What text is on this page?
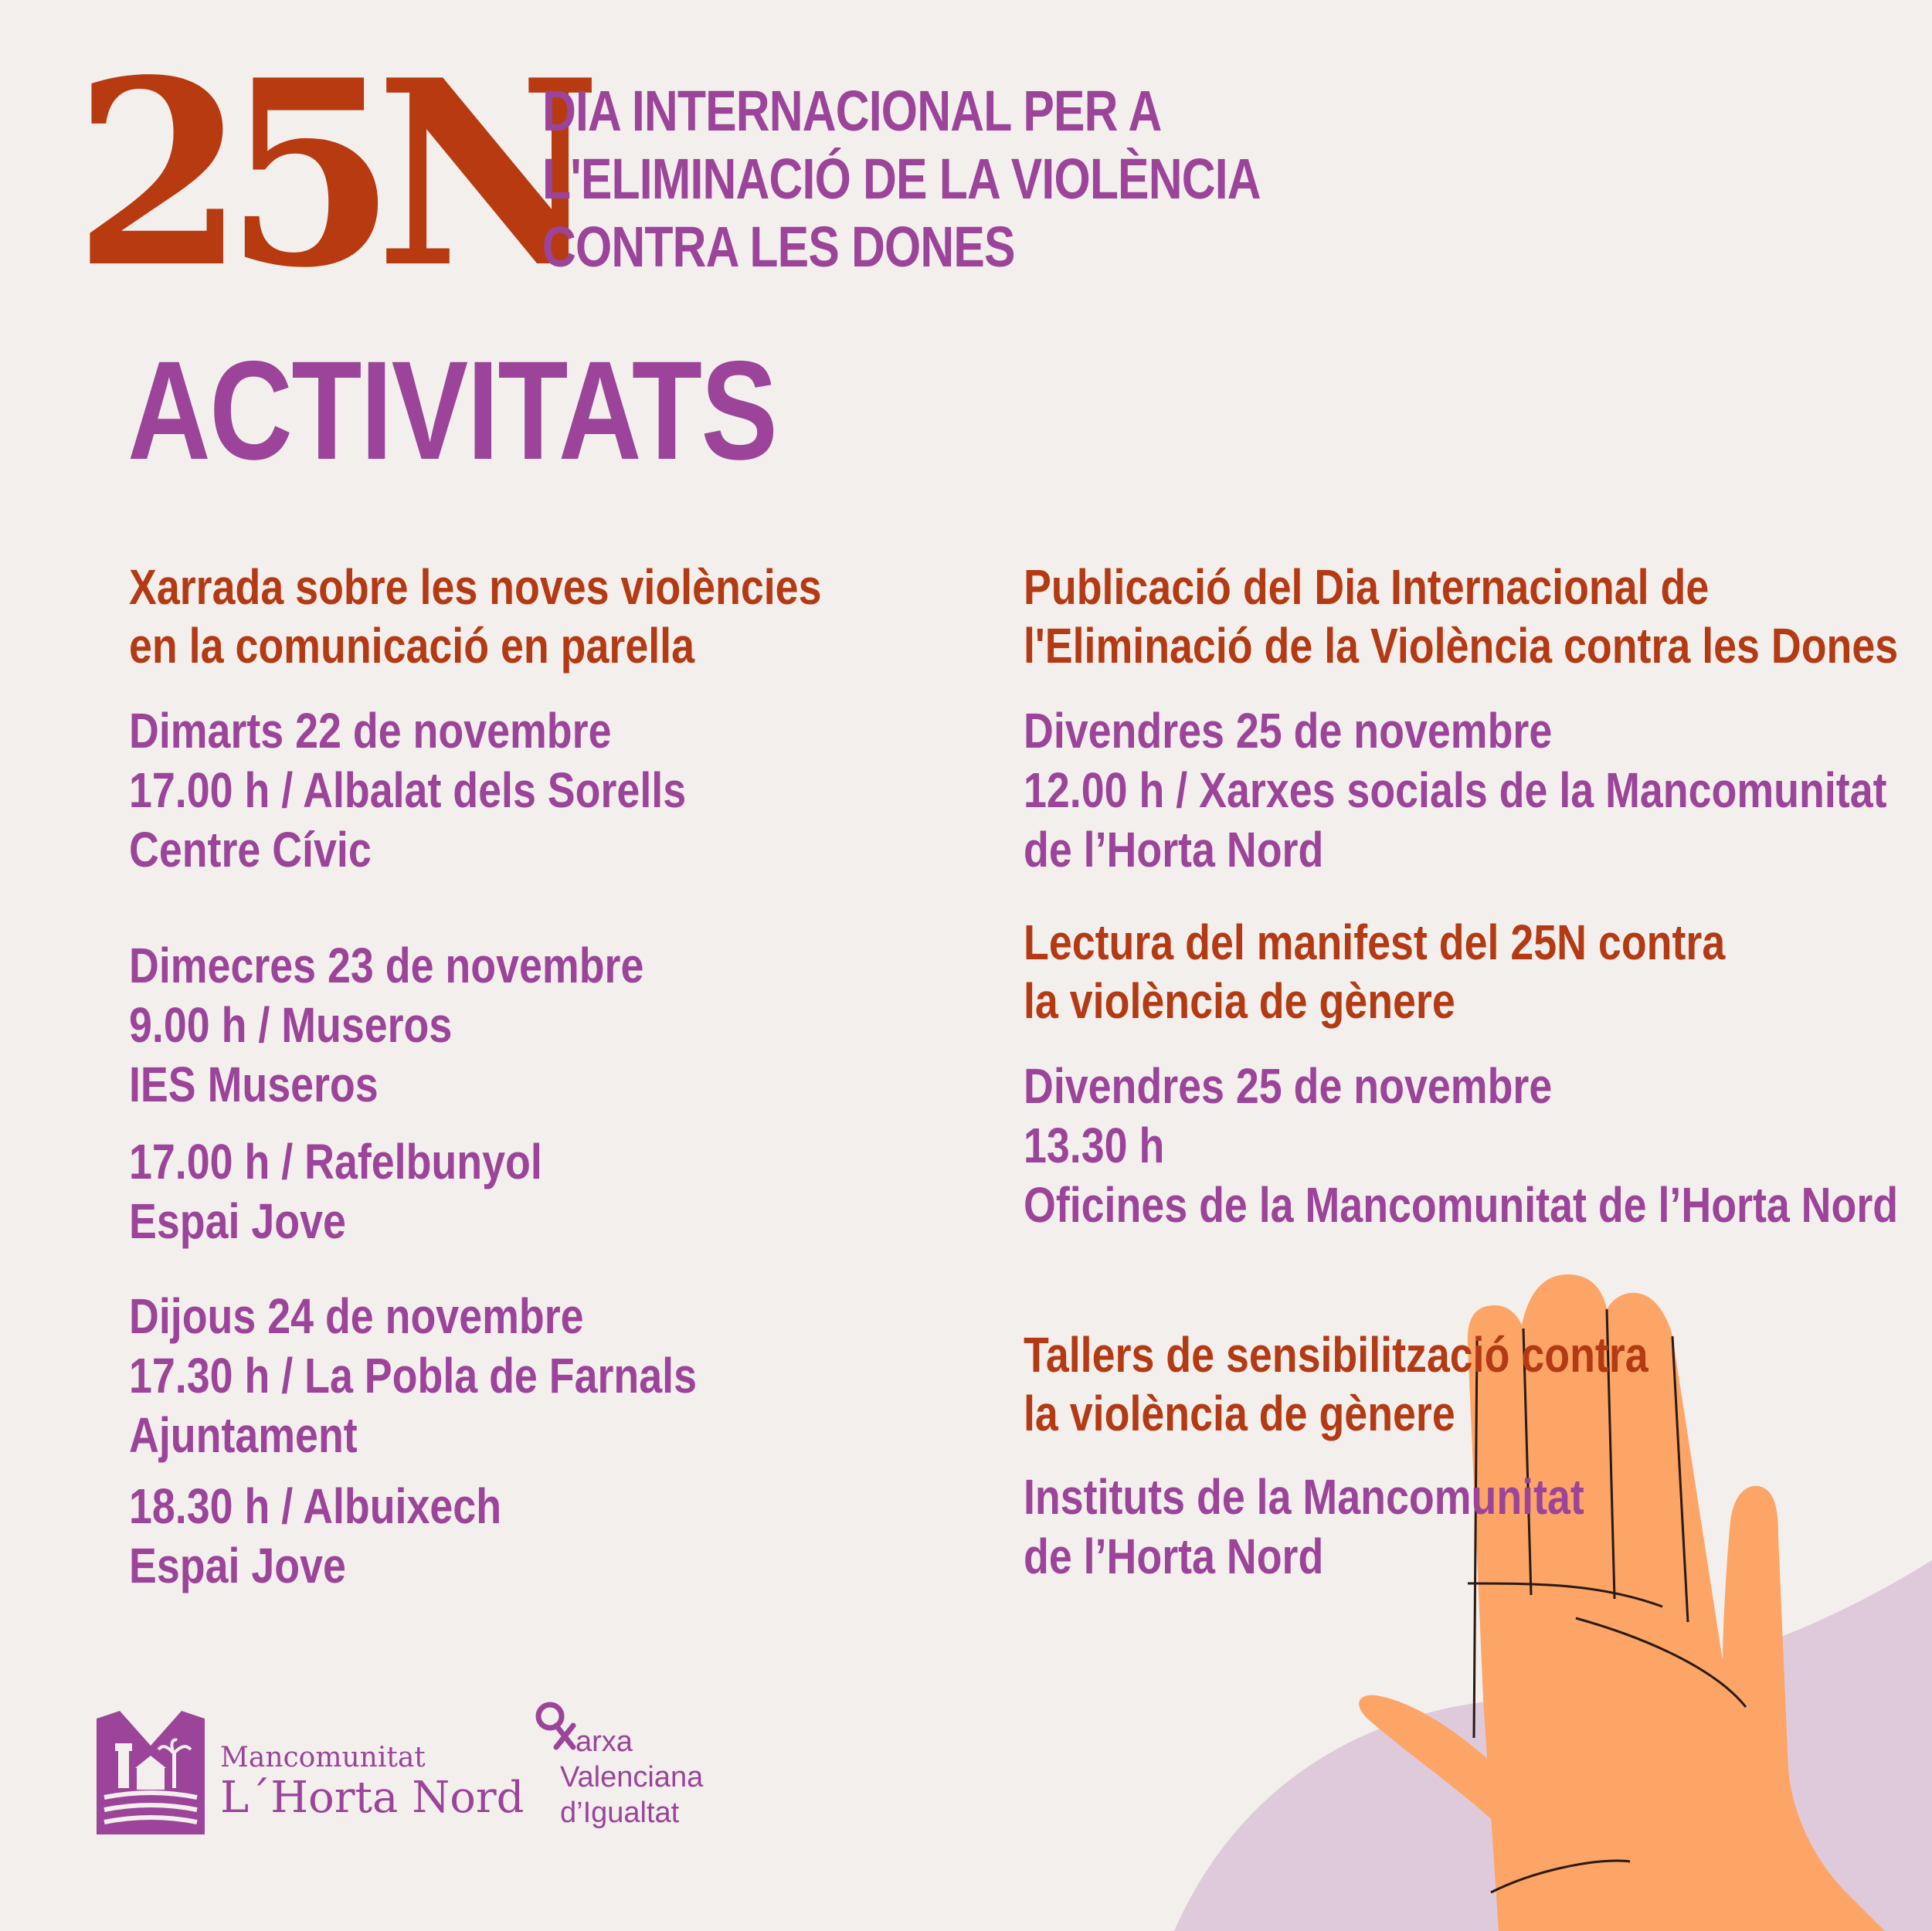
25N
DIA INTERNACIONAL PER A
L'ELIMINACIÓ DE LA VIOLÈNCIA
CONTRA LES DONES
ACTIVITATS
Xarrada sobre les noves violències
en la comunicació en parella
Dimarts 22 de novembre
17.00 h / Albalat dels Sorells
Centre Cívic
Dimecres 23 de novembre
9.00 h / Museros
IES Museros
17.00 h / Rafelbunyol
Espai Jove
Dijous 24 de novembre
17.30 h / La Pobla de Farnals
Ajuntament
18.30 h / Albuixech
Espai Jove
Publicació del Dia Internacional de
l'Eliminació de la Violència contra les Dones
Divendres 25 de novembre
12.00 h / Xarxes socials de la Mancomunitat
de l’Horta Nord
Lectura del manifest del 25N contra
la violència de gènere
Divendres 25 de novembre
13.30 h
Oficines de la Mancomunitat de l’Horta Nord
Tallers de sensibilització contra
la violència de gènere
Instituts de la Mancomunitat
de l’Horta Nord
Mancomunitat
L´Horta Nord
arxa
Valenciana
d’Igualtat
